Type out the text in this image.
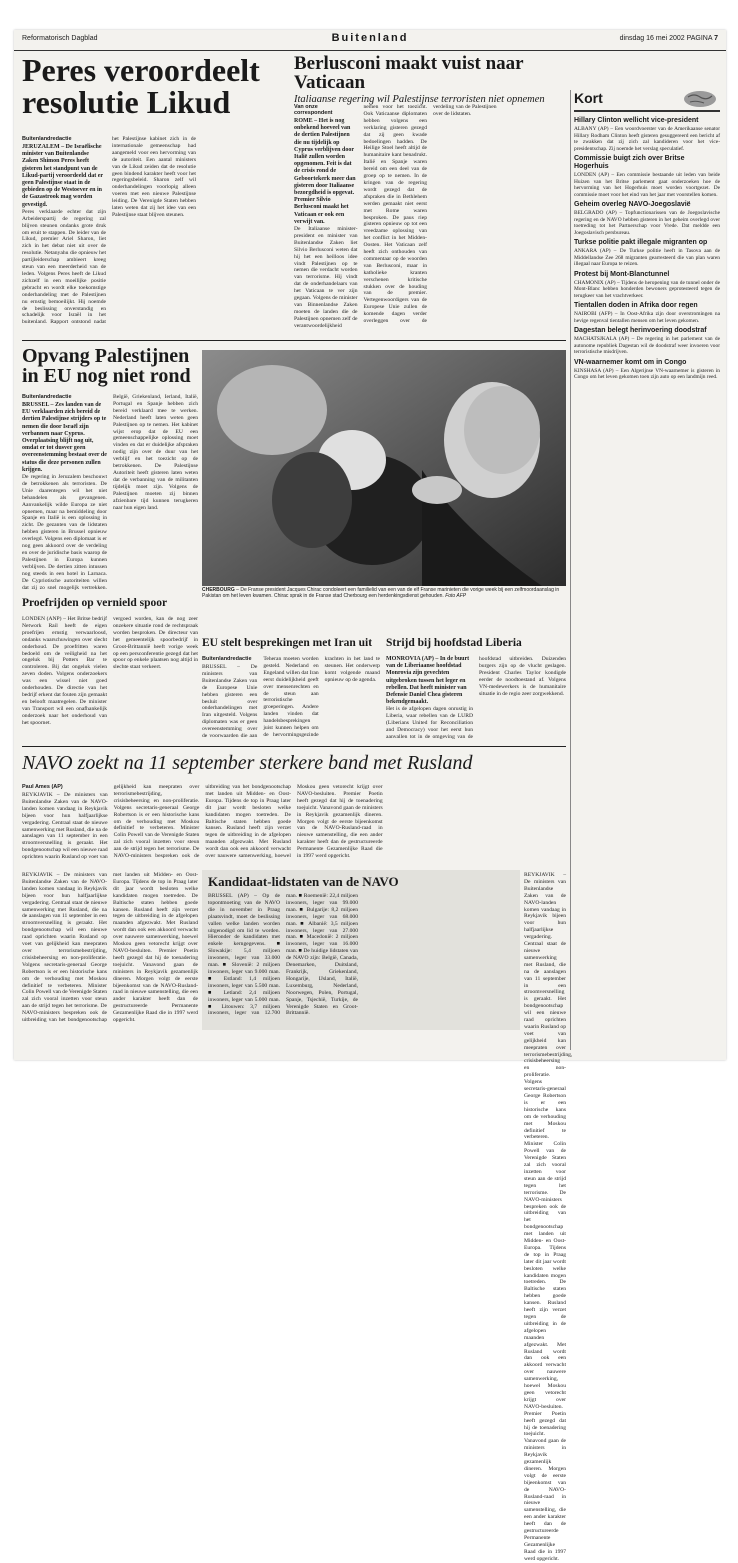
Reformatorisch Dagblad	Buitenland	dinsdag 16 mei 2002 PAGINA 7
Peres veroordeelt
resolutie Likud
Buitenlandredactie
JERUZALEM – De Israëlische minister van Buitenlandse Zaken Shimon Peres heeft gisteren het standpunt van de Likud-partij veroordeeld dat er geen Palestijnse staat in de gebieden op de Westoever en in de Gazastrook mag worden gevestigd.
Peres verklaarde echter dat zijn Arbeiderspartij de regering zal blijven steunen ondanks grote druk om eruit te stappen. De leider van de Likud, premier Ariel Sharon, liet zich in het debat niet uit over de resolutie. Netanyahu die opnieuw het partijleiderschap ambieert kreeg steun van een meerderheid van de leden. Volgens Peres heeft de Likud zichzelf in een moeilijke positie gebracht en wordt elke toekomstige onderhandeling met de Palestijnen nu ernstig bemoeilijkt. Hij noemde de beslissing onverstandig en schadelijk voor Israël in het buitenland. Rapport ontstond nadat het Palestijnse kabinet zich in de internationale gemeenschap had aangemeld voor een hervorming van de autoriteit. Een aantal ministers van de Likud zeiden dat de resolutie geen bindend karakter heeft voor het regeringsbeleid. Sharon zelf wil onderhandelingen voorlopig alleen voeren met een nieuwe Palestijnse leiding. De Verenigde Staten hebben laten weten dat zij het idee van een Palestijnse staat blijven steunen.
Berlusconi maakt vuist naar Vaticaan
Italiaanse regering wil Palestijnse terroristen niet opnemen
Van onze correspondent
ROME – Het is nog onbekend hoeveel van de dertien Palestijnen die nu tijdelijk op Cyprus verblijven door Italië zullen worden opgenomen. Feit is dat de crisis rond de Geboortekerk meer dan gisteren door Italiaanse bezorgdheid is opgevat. Premier Silvio Berlusconi maakt het Vaticaan er ook een verwijt van.
De Italiaanse minister-president en minister van Buitenlandse Zaken liet Silvio Berlusconi weten dat hij het een heilloos idee vindt Palestijnen op te nemen die verdacht worden van terrorisme. Hij vindt dat de onderhandelaars van het Vaticaan te ver zijn gegaan. Volgens de minister van Binnenlandse Zaken moeten de landen die de Palestijnen opnemen zelf de verantwoordelijkheid nemen voor het toezicht. Ook Vaticaanse diplomaten hebben volgens een verklaring gisteren gezegd dat zij geen kwade bedoelingen hadden. De Heilige Stoel heeft altijd de humanitaire kant benadrukt. Italië en Spanje waren bereid om een deel van de groep op te nemen. In de kringen van de regering wordt gezegd dat de afspraken die in Bethlehem werden gemaakt niet eerst met Rome waren besproken. De paus riep gisteren opnieuw op tot een vreedzame oplossing van het conflict in het Midden-Oosten. Het Vaticaan zelf heeft zich onthouden van commentaar op de woorden van Berlusconi, maar in katholieke kranten verschenen kritische stukken over de houding van de premier. Vertegenwoordigers van de Europese Unie zullen de komende dagen verder overleggen over de verdeling van de Palestijnen over de lidstaten.
Kort
Hillary Clinton wellicht vice-president

ALBANY (AP) – Een woordvoerster van de Amerikaanse senator Hillary Rodham Clinton heeft gisteren gesuggereerd een bericht af te zwakken dat zij zich zal kandideren voor het vice-presidentschap. Zij noemde het verslag speculatief.

Commissie buigt zich over Britse Hogerhuis

LONDEN (AP) – Een commissie bestaande uit leden van beide Huizen van het Britse parlement gaat onderzoeken hoe de hervorming van het Hogerhuis moet worden voortgezet. De commissie moet voor het eind van het jaar met voorstellen komen.

Geheim overleg NAVO-Joegoslavië

BELGRADO (AP) – Topfunctionarissen van de Joegoslavische regering en de NAVO hebben gisteren in het geheim overlegd over toetreding tot het Partnerschap voor Vrede. Dat meldde een Joegoslavisch persbureau.

Turkse politie pakt illegale migranten op

ANKARA (AP) – De Turkse politie heeft in Tasova aan de Middellandse Zee 268 migranten gearresteerd die van plan waren illegaal naar Europa te reizen.

Protest bij Mont-Blanctunnel

CHAMONIX (AP) – Tijdens de heropening van de tunnel onder de Mont-Blanc hebben honderden bewoners geprotesteerd tegen de terugkeer van het vrachtverkeer.

Tientallen doden in Afrika door regen

NAIROBI (AFP) – In Oost-Afrika zijn door overstromingen na hevige regenval tientallen mensen om het leven gekomen.

Dagestan belegt herinvoering doodstraf

MACHATSJKALA (AP) – De regering in het parlement van de autonome republiek Dagestan wil de doodstraf weer invoeren voor terroristische misdrijven.

VN-waarnemer komt om in Congo

KINSHASA (AP) – Een Algerijnse VN-waarnemer is gisteren in Congo om het leven gekomen toen zijn auto op een landmijn reed.

Opvang Palestijnen
in EU nog niet rond
Buitenlandredactie
BRUSSEL – Zes landen van de EU verklaarden zich bereid de dertien Palestijnse strijders op te nemen die door Israël zijn verbannen naar Cyprus. Overplaatsing blijft nog uit, omdat er tot dusver geen overeenstemming bestaat over de status die deze personen zullen krijgen.
De regering in Jeruzalem beschouwt de betrokkenen als terroristen. De Unie daarentegen wil het niet behandelen als gevangenen. Aanvankelijk wilde Europa ze niet opnemen, maar na bemiddeling door Spanje en Italië is een oplossing in zicht. De gezanten van de lidstaten hebben gisteren in Brussel opnieuw overlegd. Volgens een diplomaat is er nog geen akkoord over de verdeling en over de juridische basis waarop de Palestijnen in Europa kunnen verblijven. De dertien zitten intussen nog steeds in een hotel in Larnaca. De Cypriotische autoriteiten willen dat zij zo snel mogelijk vertrekken. België, Griekenland, Ierland, Italië, Portugal en Spanje hebben zich bereid verklaard mee te werken. Nederland heeft laten weten geen Palestijnen op te nemen. Het kabinet wijst erop dat de EU een gemeenschappelijke oplossing moet vinden en dat er duidelijke afspraken nodig zijn over de duur van het verblijf en het toezicht op de betrokkenen. De Palestijnse Autoriteit heeft gisteren laten weten dat de verbanning van de militanten tijdelijk moet zijn. Volgens de Palestijnen moeten zij binnen afzienbare tijd kunnen terugkeren naar hun eigen land.
CHERBOURG – De Franse president Jacques Chirac condoleert een familielid van een van de elf Franse marinieten die vorige week bij een zelfmoordaanslag in Pakistan om het leven kwamen. Chirac sprak in de Franse stad Cherbourg een herdenkingsdienst gehouden. Foto AFP
Proefrijden op vernield spoor
LONDEN (ANP) – Het Britse bedrijf Network Rail heeft de eigen proefrijen ernstig verwaarloosd, ondanks waarschuwingen over slecht onderhoud. De proefritten waren bedoeld om de veiligheid na het ongeluk bij Potters Bar te controleren. Bij dat ongeluk vielen zeven doden. Volgens onderzoekers was een wissel niet goed onderhouden. De directie van het bedrijf erkent dat fouten zijn gemaakt en belooft maatregelen. De minister van Transport wil een onafhankelijk onderzoek naar het onderhoud van het spoornet.
vergoed worden, kan de nog zeer onzekere situatie rond de rechtspraak worden besproken. De directeur van het gemeentelijk spoorbedrijf in Groot-Brittannië heeft vorige week op een persconferentie gezegd dat het spoor op enkele plaatsen nog altijd in slechte staat verkeert.
EU stelt besprekingen met Iran uit
Buitenlandredactie
BRUSSEL – De ministers van Buitenlandse Zaken van de Europese Unie hebben gisteren een besluit over onderhandelingen met Iran uitgesteld. Volgens diplomaten was er geen overeenstemming over de voorwaarden die aan Teheran moeten worden gesteld. Nederland en Engeland willen dat Iran eerst duidelijkheid geeft over mensenrechten en de steun aan terroristische groeperingen. Andere landen vinden dat handelsbesprekingen juist kunnen helpen om de hervormingsgezinde krachten in het land te steunen. Het onderwerp komt volgende maand opnieuw op de agenda.
Strijd bij hoofdstad Liberia
MONROVIA (AP) – In de buurt van de Liberiaanse hoofdstad Monrovia zijn gevechten uitgebroken tussen het leger en rebellen. Dat heeft minister van Defensie Daniel Chea gisteren bekendgemaakt.
Het is de afgelopen dagen onrustig in Liberia, waar rebellen van de LURD (Liberians United for Reconciliation and Democracy) voor het eerst hun aanvallen tot in de omgeving van de hoofdstad uitbreiden. Duizenden burgers zijn op de vlucht geslagen. President Charles Taylor kondigde eerder de noodtoestand af. Volgens VN-medewerkers is de humanitaire situatie in de regio zeer zorgwekkend.
NAVO zoekt na 11 september sterkere band met Rusland
Paul Ames (AP)
REYKJAVIK – De ministers van Buitenlandse Zaken van de NAVO-landen komen vandaag in Reykjavik bijeen voor hun halfjaarlijkse vergadering. Centraal staat de nieuwe samenwerking met Rusland, die na de aanslagen van 11 september in een stroomversnelling is geraakt. Het bondgenootschap wil een nieuwe raad oprichten waarin Rusland op voet van gelijkheid kan meepraten over terrorismebestrijding, crisisbeheersing en non-proliferatie. Volgens secretaris-generaal George Robertson is er een historische kans om de verhouding met Moskou definitief te verbeteren. Minister Colin Powell van de Verenigde Staten zal zich vooral inzetten voor steun aan de strijd tegen het terrorisme. De NAVO-ministers bespreken ook de uitbreiding van het bondgenootschap met landen uit Midden- en Oost-Europa. Tijdens de top in Praag later dit jaar wordt besloten welke kandidaten mogen toetreden. De Baltische staten hebben goede kansen. Rusland heeft zijn verzet tegen de uitbreiding in de afgelopen maanden afgezwakt. Met Rusland wordt dan ook een akkoord verwacht over nauwere samenwerking, hoewel Moskou geen vetorecht krijgt over NAVO-besluiten. Premier Poetin heeft gezegd dat hij de toenadering toejuicht. Vanavond gaan de ministers in Reykjavik gezamenlijk dineren. Morgen volgt de eerste bijeenkomst van de NAVO-Rusland-raad in nieuwe samenstelling, die een ander karakter heeft dan de gestructureerde Permanente Gezamenlijke Raad die in 1997 werd opgericht.
Kandidaat-lidstaten van de NAVO
BRUSSEL (AP) – Op de topontmoeting van de NAVO die in november in Praag plaatsvindt, moet de beslissing vallen welke landen worden uitgenodigd om lid te worden. Hieronder de kandidaten met enkele kerngegevens. ■ Slowakije: 5,4 miljoen inwoners, leger van 33.000 man. ■ Slovenië: 2 miljoen inwoners, leger van 9.000 man. ■ Estland: 1,4 miljoen inwoners, leger van 5.500 man. ■ Letland: 2,4 miljoen inwoners, leger van 5.000 man. ■ Litouwen: 3,7 miljoen inwoners, leger van 12.700 man. ■ Roemenië: 22,4 miljoen inwoners, leger van 99.000 man. ■ Bulgarije: 8,2 miljoen inwoners, leger van 68.000 man. ■ Albanië: 3,5 miljoen inwoners, leger van 27.000 man. ■ Macedonië: 2 miljoen inwoners, leger van 16.000 man. ■ De huidige lidstaten van de NAVO zijn: België, Canada, Denemarken, Duitsland, Frankrijk, Griekenland, Hongarije, IJsland, Italië, Luxemburg, Nederland, Noorwegen, Polen, Portugal, Spanje, Tsjechië, Turkije, de Verenigde Staten en Groot-Brittannië.
REYKJAVIK – De ministers van Buitenlandse Zaken van de NAVO-landen komen vandaag in Reykjavik bijeen voor hun halfjaarlijkse vergadering. Centraal staat de nieuwe samenwerking met Rusland, die na de aanslagen van 11 september in een stroomversnelling is geraakt. Het bondgenootschap wil een nieuwe raad oprichten waarin Rusland op voet van gelijkheid kan meepraten over terrorismebestrijding, crisisbeheersing en non-proliferatie. Volgens secretaris-generaal George Robertson is er een historische kans om de verhouding met Moskou definitief te verbeteren. Minister Colin Powell van de Verenigde Staten zal zich vooral inzetten voor steun aan de strijd tegen het terrorisme. De NAVO-ministers bespreken ook de uitbreiding van het bondgenootschap met landen uit Midden- en Oost-Europa. Tijdens de top in Praag later dit jaar wordt besloten welke kandidaten mogen toetreden. De Baltische staten hebben goede kansen. Rusland heeft zijn verzet tegen de uitbreiding in de afgelopen maanden afgezwakt. Met Rusland wordt dan ook een akkoord verwacht over nauwere samenwerking, hoewel Moskou geen vetorecht krijgt over NAVO-besluiten. Premier Poetin heeft gezegd dat hij de toenadering toejuicht. Vanavond gaan de ministers in Reykjavik gezamenlijk dineren. Morgen volgt de eerste bijeenkomst van de NAVO-Rusland-raad in nieuwe samenstelling, die een ander karakter heeft dan de gestructureerde Permanente Gezamenlijke Raad die in 1997 werd opgericht.
REYKJAVIK – De ministers van Buitenlandse Zaken van de NAVO-landen komen vandaag in Reykjavik bijeen voor hun halfjaarlijkse vergadering. Centraal staat de nieuwe samenwerking met Rusland, die na de aanslagen van 11 september in een stroomversnelling is geraakt. Het bondgenootschap wil een nieuwe raad oprichten waarin Rusland op voet van gelijkheid kan meepraten over terrorismebestrijding, crisisbeheersing en non-proliferatie. Volgens secretaris-generaal George Robertson is er een historische kans om de verhouding met Moskou definitief te verbeteren. Minister Colin Powell van de Verenigde Staten zal zich vooral inzetten voor steun aan de strijd tegen het terrorisme. De NAVO-ministers bespreken ook de uitbreiding van het bondgenootschap met landen uit Midden- en Oost-Europa. Tijdens de top in Praag later dit jaar wordt besloten welke kandidaten mogen toetreden. De Baltische staten hebben goede kansen. Rusland heeft zijn verzet tegen de uitbreiding in de afgelopen maanden afgezwakt. Met Rusland wordt dan ook een akkoord verwacht over nauwere samenwerking, hoewel Moskou geen vetorecht krijgt over NAVO-besluiten. Premier Poetin heeft gezegd dat hij de toenadering toejuicht. Vanavond gaan de ministers in Reykjavik gezamenlijk dineren. Morgen volgt de eerste bijeenkomst van de NAVO-Rusland-raad in nieuwe samenstelling, die een ander karakter heeft dan de gestructureerde Permanente Gezamenlijke Raad die in 1997 werd opgericht.
